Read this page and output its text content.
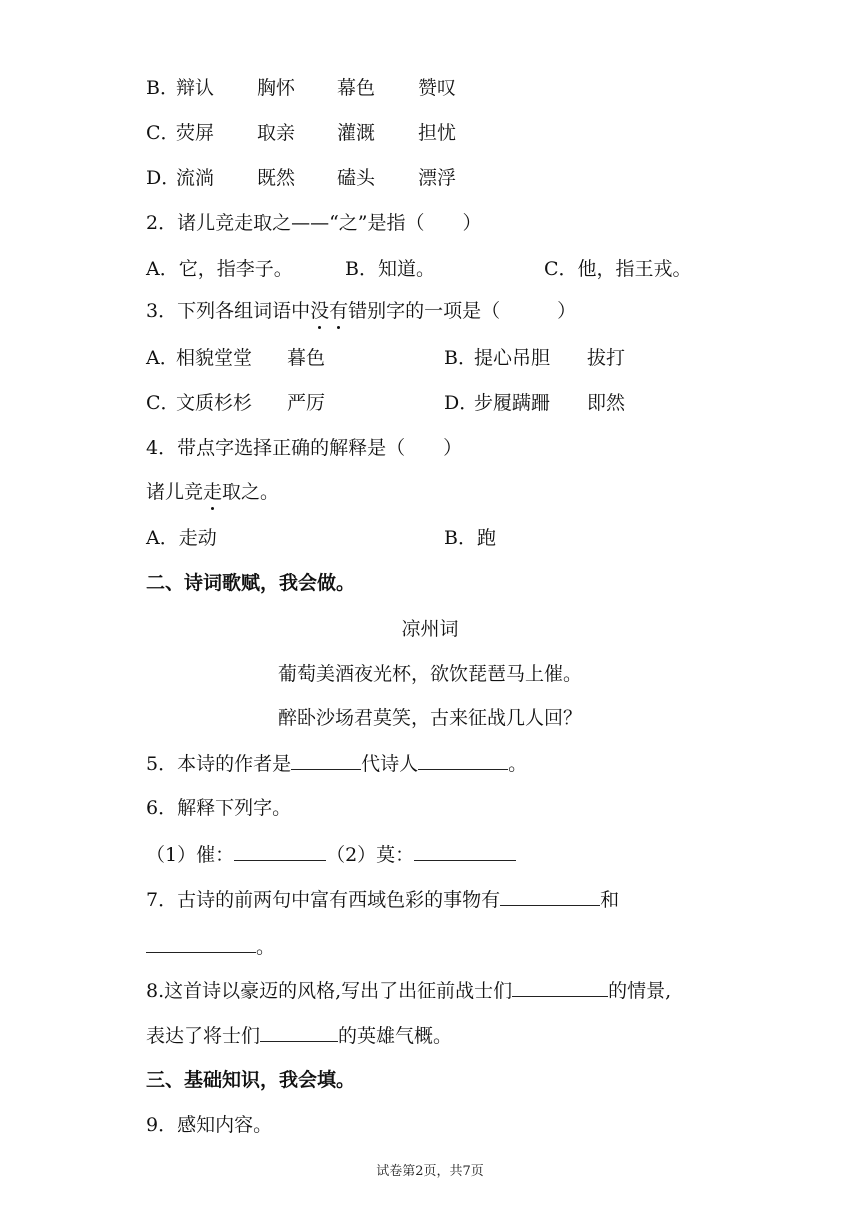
B．
辩认 胸怀 幕色 赞叹
C．
荧屏 取亲 灌溉 担忧
D．
流淌 既然 磕头 漂浮
2．诸儿竞走取之——“之”是指（　　）
A．它，指李子。	B．知道。	C．他，指王戎。
3．下列各组词语中没有错别字的一项是（　　　）
A．
相貌堂堂 暮色	B．
提心吊胆 拔打
C．
文质杉杉 严厉	D．
步履蹒跚 即然
4．带点字选择正确的解释是（　　）
诸儿竞走取之。
A．走动	B．跑
二、诗词歌赋，我会做。
凉州词
葡萄美酒夜光杯，欲饮琵琶马上催。
醉卧沙场君莫笑，古来征战几人回？
5．本诗的作者是	代诗人	。
6．解释下列字。
（1）催：	（2）莫：
7．古诗的前两句中富有西域色彩的事物有	和
。
8.这首诗以豪迈的风格,写出了出征前战士们	的情景,
表达了将士们	的英雄气概。
三、基础知识，我会填。
9．感知内容。
试卷第2页，共7页
